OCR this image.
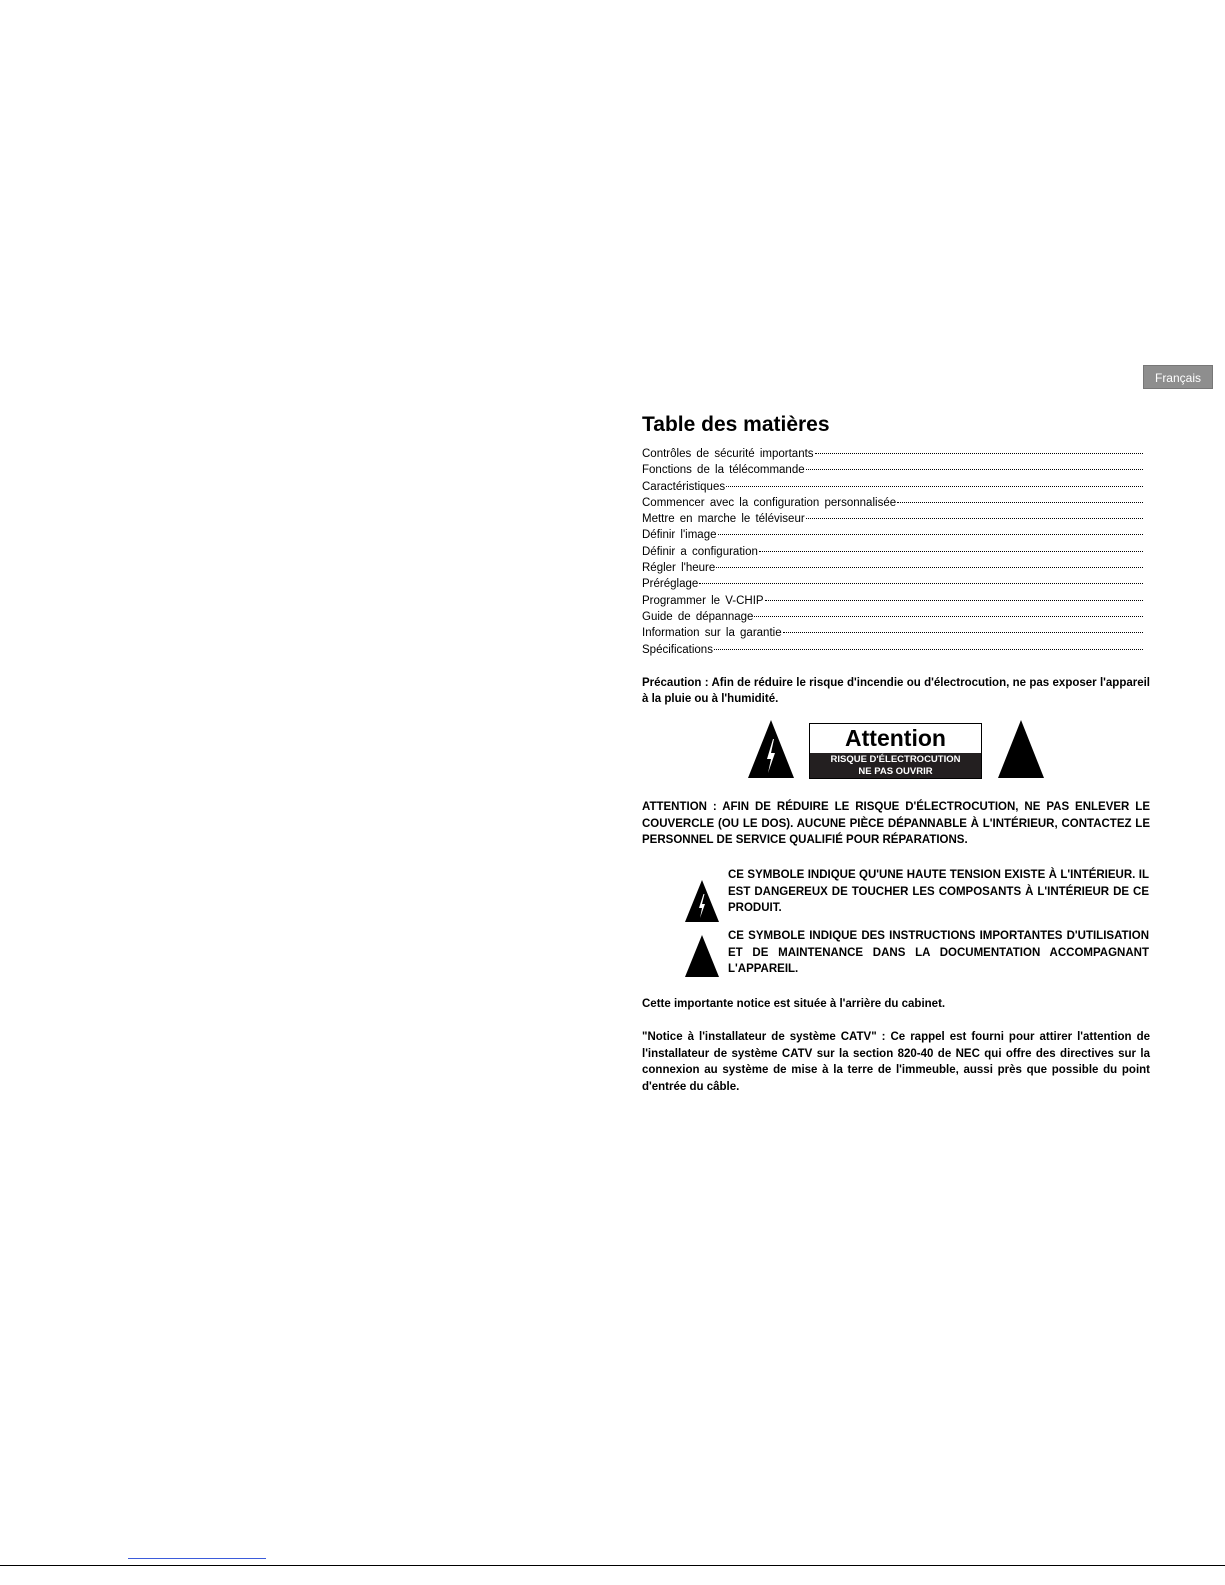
Français
Table des matières
Contrôles de sécurité importants
Fonctions de la télécommande
Caractéristiques
Commencer avec la configuration personnalisée
Mettre en marche le téléviseur
Définir l'image
Définir a configuration
Régler l'heure
Préréglage
Programmer le V-CHIP
Guide de dépannage
Information sur la garantie
Spécifications

Précaution : Afin de réduire le risque d'incendie ou d'électrocution, ne pas exposer l'appareil à la pluie ou à l'humidité.

Attention
RISQUE D'ÉLECTROCUTION
NE PAS OUVRIR

ATTENTION : AFIN DE RÉDUIRE LE RISQUE D'ÉLECTROCUTION, NE PAS ENLEVER LE COUVERCLE (OU LE DOS). AUCUNE PIÈCE DÉPANNABLE À L'INTÉRIEUR, CONTACTEZ LE PERSONNEL DE SERVICE QUALIFIÉ POUR RÉPARATIONS.

CE SYMBOLE INDIQUE QU'UNE HAUTE TENSION EXISTE À L'INTÉRIEUR. IL EST DANGEREUX DE TOUCHER LES COMPOSANTS À L'INTÉRIEUR DE CE PRODUIT.

CE SYMBOLE INDIQUE DES INSTRUCTIONS IMPORTANTES D'UTILISATION ET DE MAINTENANCE DANS LA DOCUMENTATION ACCOMPAGNANT L'APPAREIL.

Cette importante notice est située à l'arrière du cabinet.

"Notice à l'installateur de système CATV" : Ce rappel est fourni pour attirer l'attention de l'installateur de système CATV sur la section 820-40 de NEC qui offre des directives sur la connexion au système de mise à la terre de l'immeuble, aussi près que possible du point d'entrée du câble.
